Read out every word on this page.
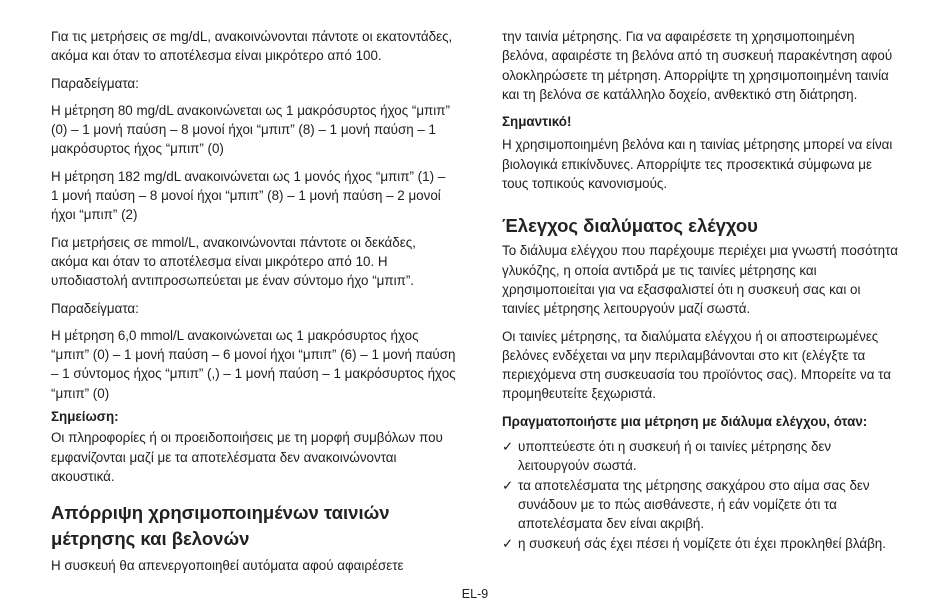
Για τις μετρήσεις σε mg/dL, ανακοινώνονται πάντοτε οι εκατοντάδες, ακόμα και όταν το αποτέλεσμα είναι μικρότερο από 100.

Παραδείγματα:

Η μέτρηση 80 mg/dL ανακοινώνεται ως 1 μακρόσυρτος ήχος “μπιπ” (0) – 1 μονή παύση – 8 μονοί ήχοι “μπιπ” (8) – 1 μονή παύση – 1 μακρόσυρτος ήχος “μπιπ” (0)

Η μέτρηση 182 mg/dL ανακοινώνεται ως 1 μονός ήχος “μπιπ” (1) – 1 μονή παύση – 8 μονοί ήχοι “μπιπ” (8) – 1 μονή παύση – 2 μονοί ήχοι “μπιπ” (2)

Για μετρήσεις σε mmol/L, ανακοινώνονται πάντοτε οι δεκάδες, ακόμα και όταν το αποτέλεσμα είναι μικρότερο από 10. Η υποδιαστολή αντιπροσωπεύεται με έναν σύντομο ήχο “μπιπ”.

Παραδείγματα:

Η μέτρηση 6,0 mmol/L ανακοινώνεται ως 1 μακρόσυρτος ήχος “μπιπ” (0) – 1 μονή παύση – 6 μονοί ήχοι “μπιπ” (6) – 1 μονή παύση – 1 σύντομος ήχος “μπιπ” (,) – 1 μονή παύση – 1 μακρόσυρτος ήχος “μπιπ” (0)

Σημείωση:

Οι πληροφορίες ή οι προειδοποιήσεις με τη μορφή συμβόλων που εμφανίζονται μαζί με τα αποτελέσματα δεν ανακοινώνονται ακουστικά.

Απόρριψη χρησιμοποιημένων ταινιών μέτρησης και βελονών

Η συσκευή θα απενεργοποιηθεί αυτόματα αφού αφαιρέσετε

την ταινία μέτρησης. Για να αφαιρέσετε τη χρησιμοποιημένη βελόνα, αφαιρέστε τη βελόνα από τη συσκευή παρακέντηση αφού ολοκληρώσετε τη μέτρηση. Απορρίψτε τη χρησιμοποιημένη ταινία και τη βελόνα σε κατάλληλο δοχείο, ανθεκτικό στη διάτρηση.

Σημαντικό!

Η χρησιμοποιημένη βελόνα και η ταινίας μέτρησης μπορεί να είναι βιολογικά επικίνδυνες. Απορρίψτε τες προσεκτικά σύμφωνα με τους τοπικούς κανονισμούς.

Έλεγχος διαλύματος ελέγχου

Το διάλυμα ελέγχου που παρέχουμε περιέχει μια γνωστή ποσότητα γλυκόζης, η οποία αντιδρά με τις ταινίες μέτρησης και χρησιμοποιείται για να εξασφαλιστεί ότι η συσκευή σας και οι ταινίες μέτρησης λειτουργούν μαζί σωστά.

Οι ταινίες μέτρησης, τα διαλύματα ελέγχου ή οι αποστειρωμένες βελόνες ενδέχεται να μην περιλαμβάνονται στο κιτ (ελέγξτε τα περιεχόμενα στη συσκευασία του προϊόντος σας). Μπορείτε να τα προμηθευτείτε ξεχωριστά.

Πραγματοποιήστε μια μέτρηση με διάλυμα ελέγχου, όταν:

✓ υποπτεύεστε ότι η συσκευή ή οι ταινίες μέτρησης δεν λειτουργούν σωστά.
✓ τα αποτελέσματα της μέτρησης σακχάρου στο αίμα σας δεν συνάδουν με το πώς αισθάνεστε, ή εάν νομίζετε ότι τα αποτελέσματα δεν είναι ακριβή.
✓ η συσκευή σάς έχει πέσει ή νομίζετε ότι έχει προκληθεί βλάβη.
EL-9
